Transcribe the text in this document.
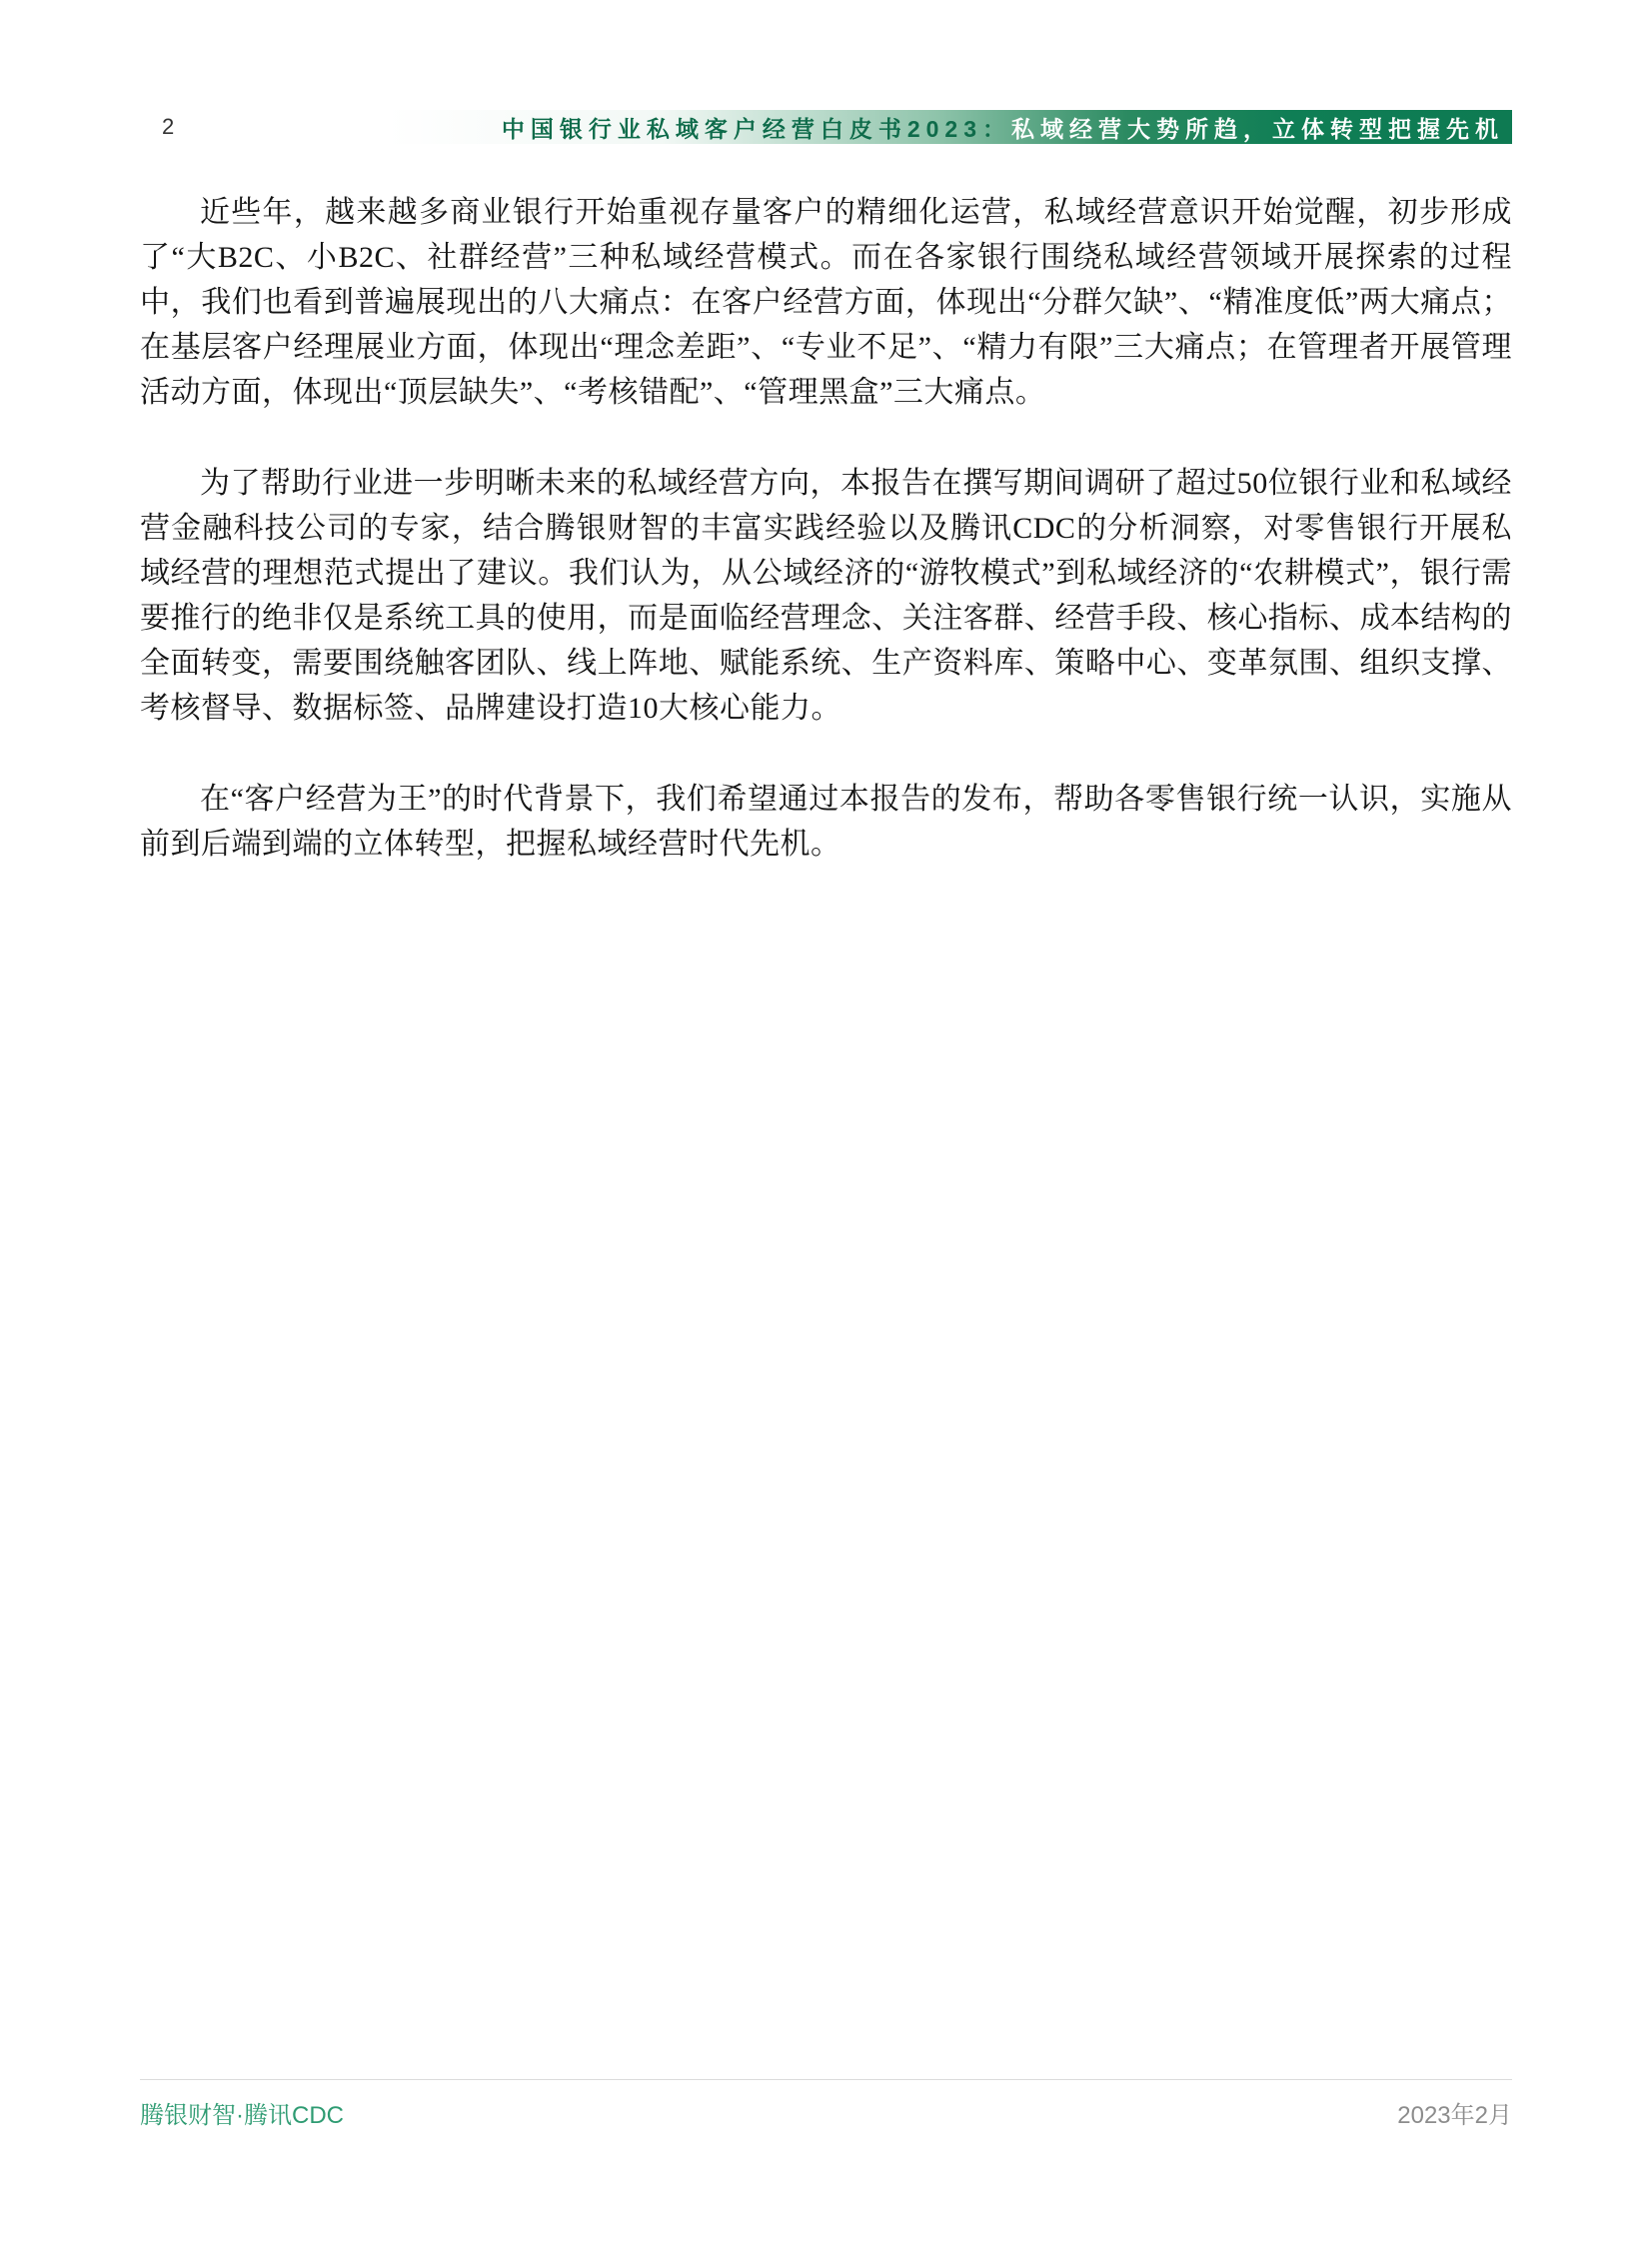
2	中国银行业私域客户经营白皮书2023：私域经营大势所趋，立体转型把握先机

近些年，越来越多商业银行开始重视存量客户的精细化运营，私域经营意识开始觉醒，初步形成了“大B2C、小B2C、社群经营”三种私域经营模式。而在各家银行围绕私域经营领域开展探索的过程中，我们也看到普遍展现出的八大痛点：在客户经营方面，体现出“分群欠缺”、“精准度低”两大痛点；在基层客户经理展业方面，体现出“理念差距”、“专业不足”、“精力有限”三大痛点；在管理者开展管理活动方面，体现出“顶层缺失”、“考核错配”、“管理黑盒”三大痛点。

为了帮助行业进一步明晰未来的私域经营方向，本报告在撰写期间调研了超过50位银行业和私域经营金融科技公司的专家，结合腾银财智的丰富实践经验以及腾讯CDC的分析洞察，对零售银行开展私域经营的理想范式提出了建议。我们认为，从公域经济的“游牧模式”到私域经济的“农耕模式”，银行需要推行的绝非仅是系统工具的使用，而是面临经营理念、关注客群、经营手段、核心指标、成本结构的全面转变，需要围绕触客团队、线上阵地、赋能系统、生产资料库、策略中心、变革氛围、组织支撑、考核督导、数据标签、品牌建设打造10大核心能力。

在“客户经营为王”的时代背景下，我们希望通过本报告的发布，帮助各零售银行统一认识，实施从前到后端到端的立体转型，把握私域经营时代先机。

腾银财智·腾讯CDC	2023年2月
